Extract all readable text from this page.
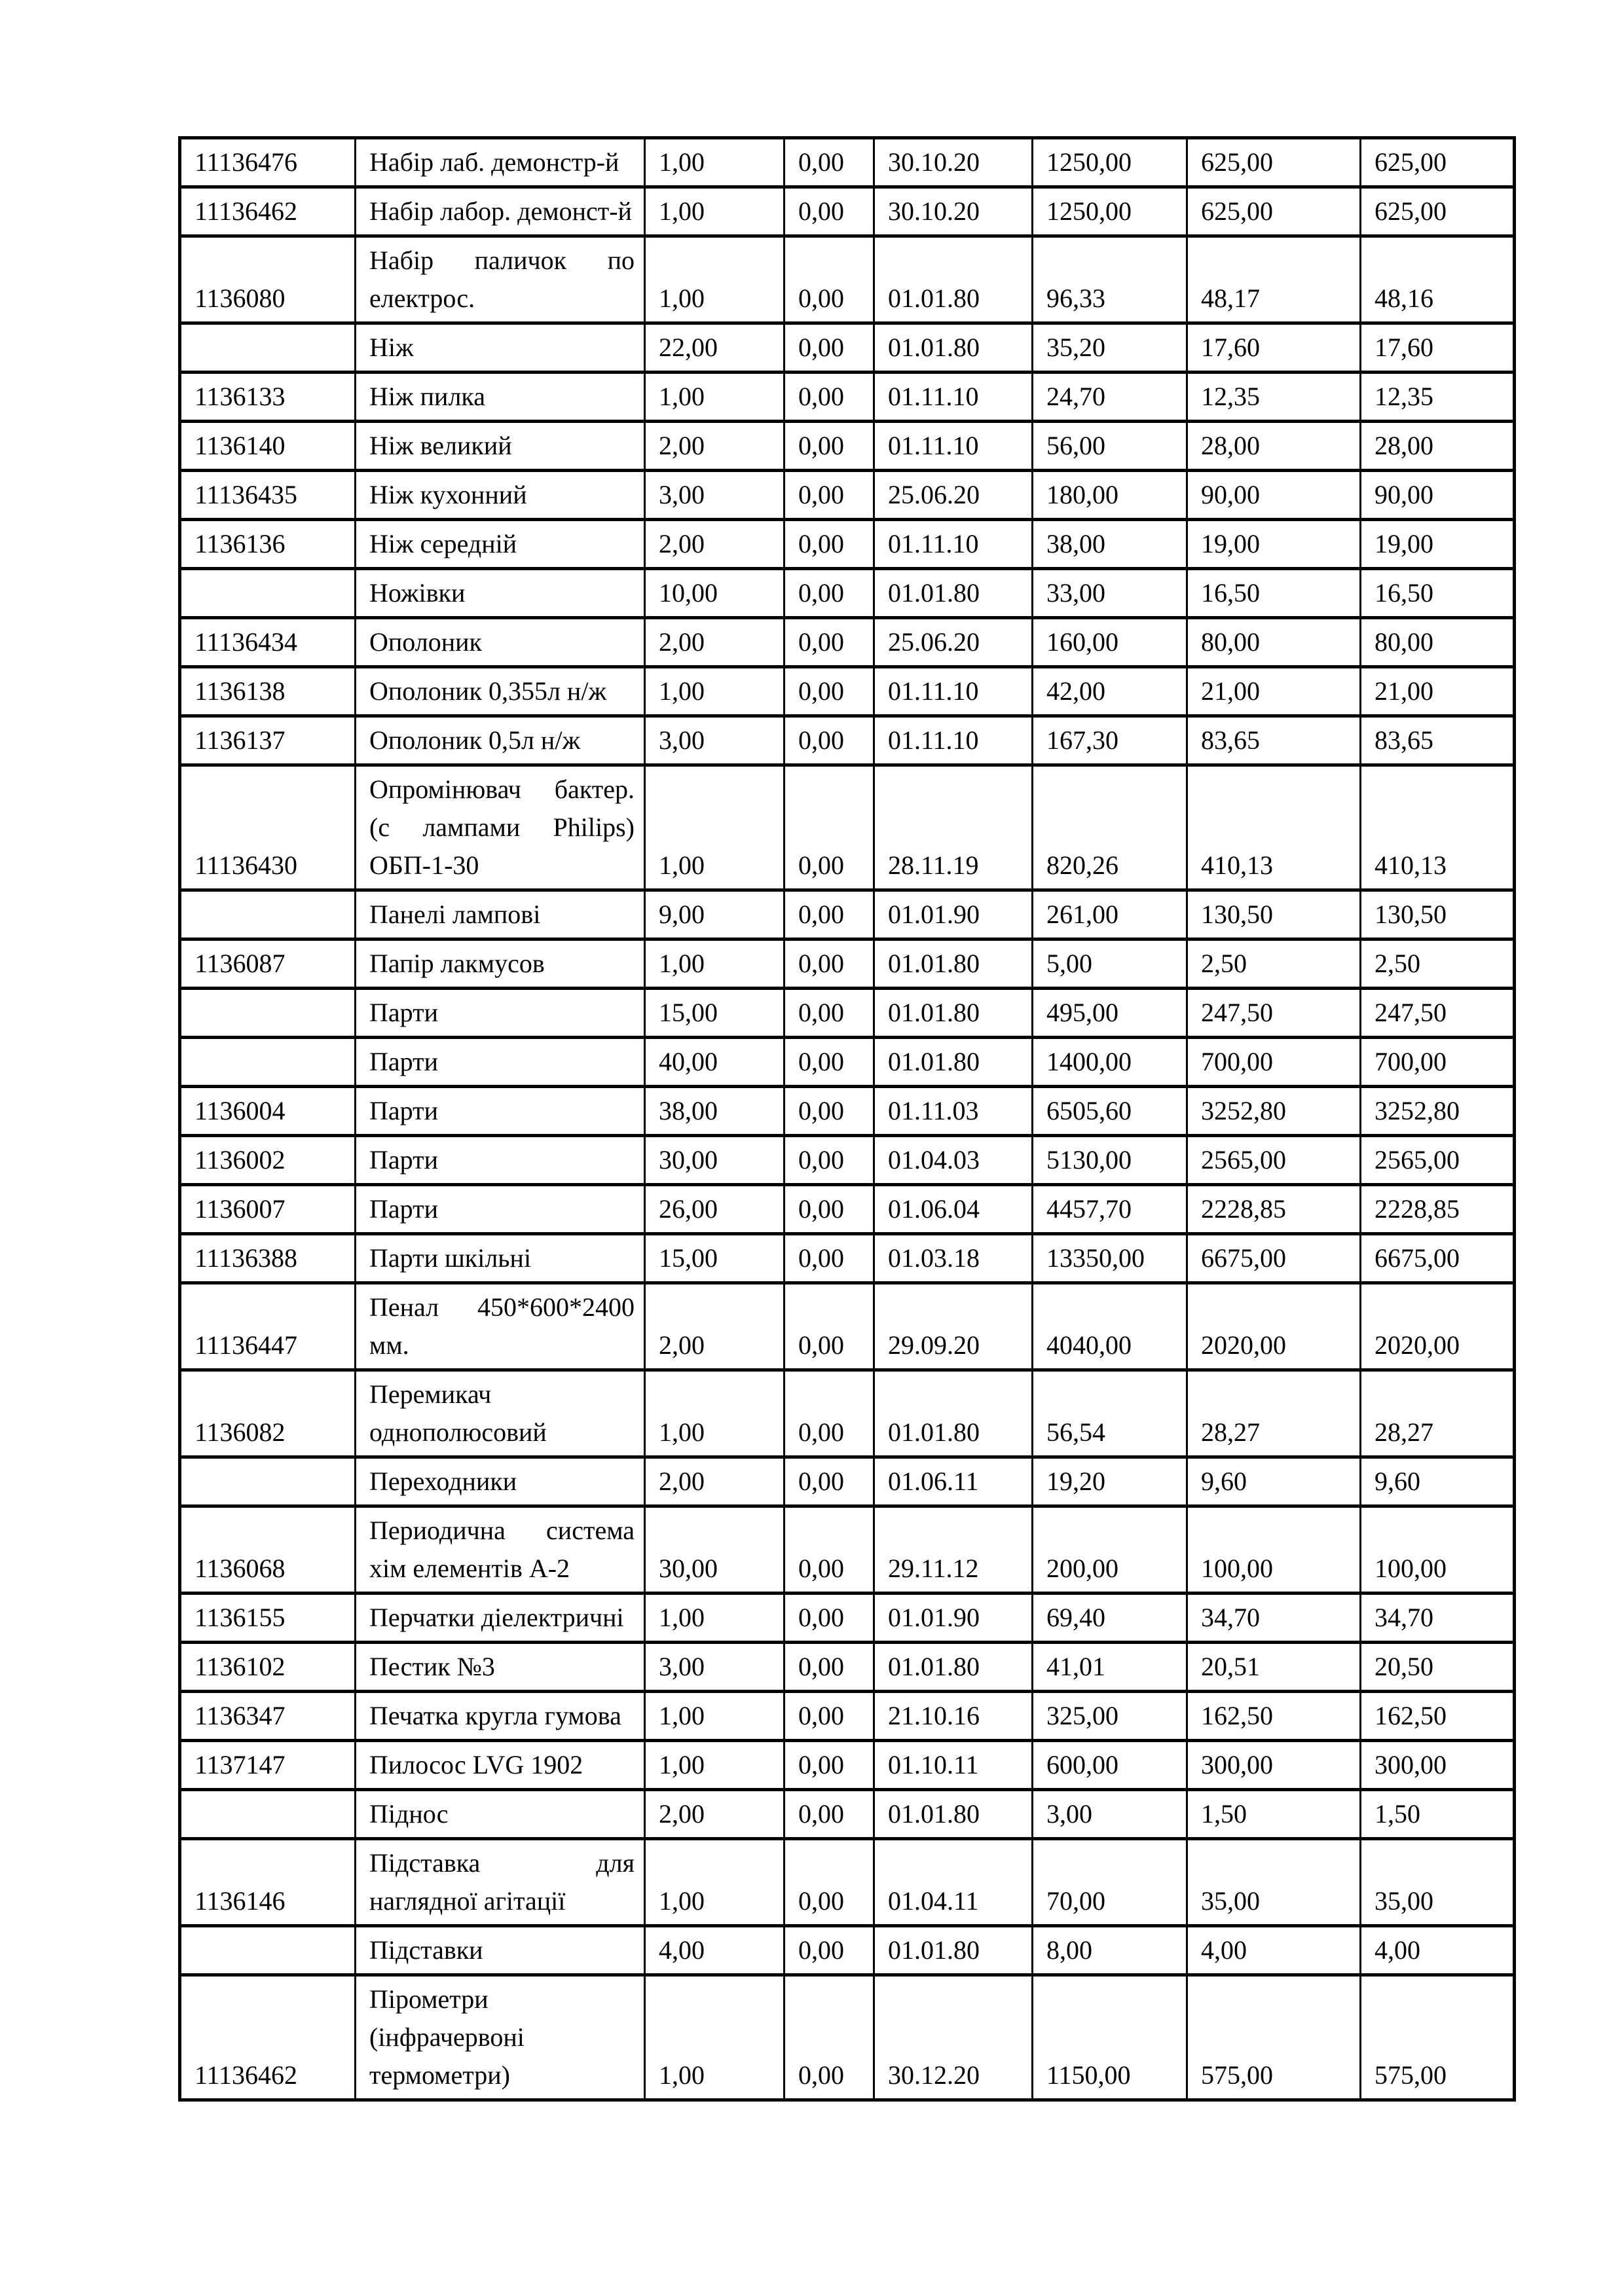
11136476	Набір лаб. демонстр-й	1,00	0,00	30.10.20	1250,00	625,00	625,00
11136462	Набір лабор. демонст-й	1,00	0,00	30.10.20	1250,00	625,00	625,00
1136080	Набір паличок по електрос.	1,00	0,00	01.01.80	96,33	48,17	48,16
	Ніж	22,00	0,00	01.01.80	35,20	17,60	17,60
1136133	Ніж пилка	1,00	0,00	01.11.10	24,70	12,35	12,35
1136140	Ніж великий	2,00	0,00	01.11.10	56,00	28,00	28,00
11136435	Ніж кухонний	3,00	0,00	25.06.20	180,00	90,00	90,00
1136136	Ніж середній	2,00	0,00	01.11.10	38,00	19,00	19,00
	Ножівки	10,00	0,00	01.01.80	33,00	16,50	16,50
11136434	Ополоник	2,00	0,00	25.06.20	160,00	80,00	80,00
1136138	Ополоник 0,355л н/ж	1,00	0,00	01.11.10	42,00	21,00	21,00
1136137	Ополоник 0,5л н/ж	3,00	0,00	01.11.10	167,30	83,65	83,65
11136430	Опромінювач бактер. (с лампами Philips) ОБП-1-30	1,00	0,00	28.11.19	820,26	410,13	410,13
	Панелі лампові	9,00	0,00	01.01.90	261,00	130,50	130,50
1136087	Папір лакмусов	1,00	0,00	01.01.80	5,00	2,50	2,50
	Парти	15,00	0,00	01.01.80	495,00	247,50	247,50
	Парти	40,00	0,00	01.01.80	1400,00	700,00	700,00
1136004	Парти	38,00	0,00	01.11.03	6505,60	3252,80	3252,80
1136002	Парти	30,00	0,00	01.04.03	5130,00	2565,00	2565,00
1136007	Парти	26,00	0,00	01.06.04	4457,70	2228,85	2228,85
11136388	Парти шкільні	15,00	0,00	01.03.18	13350,00	6675,00	6675,00
11136447	Пенал 450*600*2400 мм.	2,00	0,00	29.09.20	4040,00	2020,00	2020,00
1136082	Перемикач однополюсовий	1,00	0,00	01.01.80	56,54	28,27	28,27
	Переходники	2,00	0,00	01.06.11	19,20	9,60	9,60
1136068	Периодична система хім елементів А-2	30,00	0,00	29.11.12	200,00	100,00	100,00
1136155	Перчатки діелектричні	1,00	0,00	01.01.90	69,40	34,70	34,70
1136102	Пестик №3	3,00	0,00	01.01.80	41,01	20,51	20,50
1136347	Печатка кругла гумова	1,00	0,00	21.10.16	325,00	162,50	162,50
1137147	Пилосос LVG 1902	1,00	0,00	01.10.11	600,00	300,00	300,00
	Піднос	2,00	0,00	01.01.80	3,00	1,50	1,50
1136146	Підставка для наглядної агітації	1,00	0,00	01.04.11	70,00	35,00	35,00
	Підставки	4,00	0,00	01.01.80	8,00	4,00	4,00
11136462	Пірометри (інфрачервоні термометри)	1,00	0,00	30.12.20	1150,00	575,00	575,00
